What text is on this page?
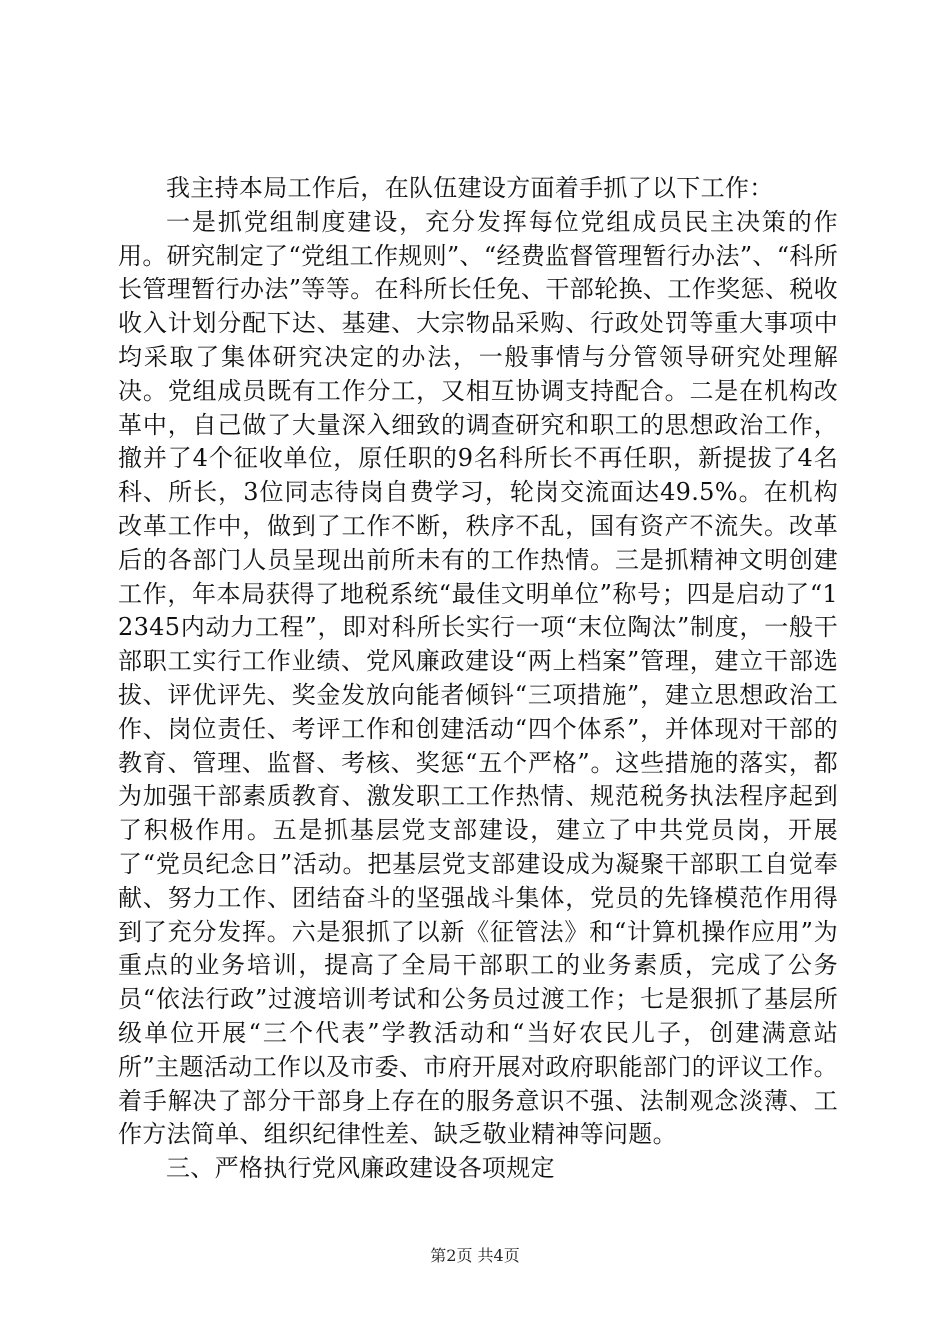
我主持本局工作后，在队伍建设方面着手抓了以下工作：

一是抓党组制度建设，充分发挥每位党组成员民主决策的作用。研究制定了“党组工作规则”、“经费监督管理暂行办法”、“科所长管理暂行办法”等等。在科所长任免、干部轮换、工作奖惩、税收收入计划分配下达、基建、大宗物品采购、行政处罚等重大事项中均采取了集体研究决定的办法，一般事情与分管领导研究处理解决。党组成员既有工作分工，又相互协调支持配合。二是在机构改革中，自己做了大量深入细致的调查研究和职工的思想政治工作，撤并了4个征收单位，原任职的9名科所长不再任职，新提拔了4名科、所长，3位同志待岗自费学习，轮岗交流面达49.5%。在机构改革工作中，做到了工作不断，秩序不乱，国有资产不流失。改革后的各部门人员呈现出前所未有的工作热情。三是抓精神文明创建工作，年本局获得了地税系统“最佳文明单位”称号；四是启动了“12345内动力工程”，即对科所长实行一项“末位陶汰”制度，一般干部职工实行工作业绩、党风廉政建设“两上档案”管理，建立干部选拔、评优评先、奖金发放向能者倾钭“三项措施”，建立思想政治工作、岗位责任、考评工作和创建活动“四个体系”，并体现对干部的教育、管理、监督、考核、奖惩“五个严格”。这些措施的落实，都为加强干部素质教育、激发职工工作热情、规范税务执法程序起到了积极作用。五是抓基层党支部建设，建立了中共党员岗，开展了“党员纪念日”活动。把基层党支部建设成为凝聚干部职工自觉奉献、努力工作、团结奋斗的坚强战斗集体，党员的先锋模范作用得到了充分发挥。六是狠抓了以新《征管法》和“计算机操作应用”为重点的业务培训，提高了全局干部职工的业务素质，完成了公务员“依法行政”过渡培训考试和公务员过渡工作；七是狠抓了基层所级单位开展“三个代表”学教活动和“当好农民儿子，创建满意站所”主题活动工作以及市委、市府开展对政府职能部门的评议工作。着手解决了部分干部身上存在的服务意识不强、法制观念淡薄、工作方法简单、组织纪律性差、缺乏敬业精神等问题。

三、严格执行党风廉政建设各项规定

第2页 共4页
